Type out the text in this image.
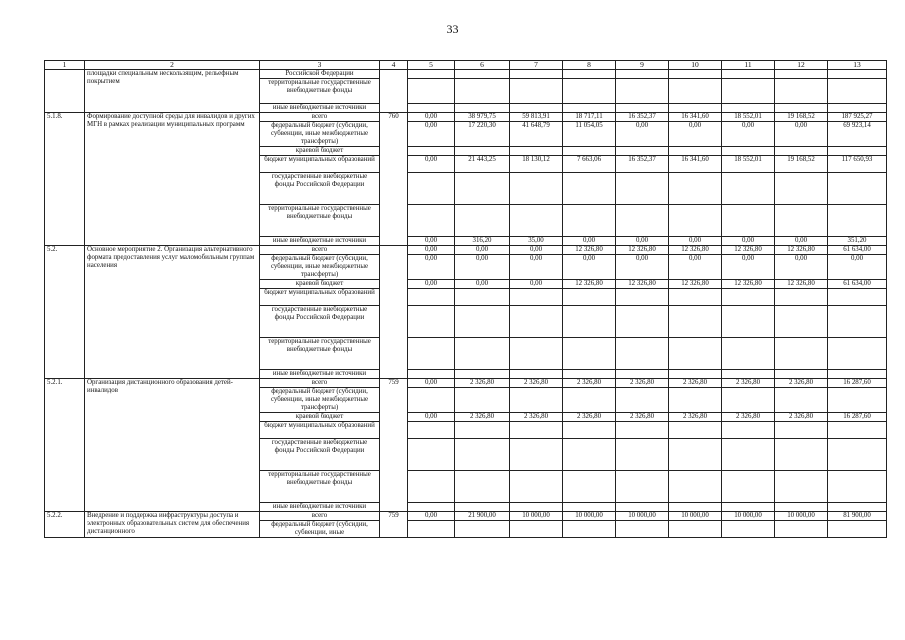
33
1	2	3	4	5	6	7	8	9	10	11	12	13
	площадки специальным нескользящим, рельефным покрытием	Российской Федерации										
		территориальные государственные внебюджетные фонды										
		иные внебюджетные источники										
5.1.8.	Формирование доступной среды для инвалидов и других МГН в рамках реализации муниципальных программ	всего	760	0,00	38 979,75	59 813,91	18 717,11	16 352,37	16 341,60	18 552,01	19 168,52	187 925,27
		федеральный бюджет (субсидии, субвенции, иные межбюджетные трансферты)		0,00	17 220,30	41 648,79	11 054,05	0,00	0,00	0,00	0,00	69 923,14
		краевой бюджет										
		бюджет муниципальных образований		0,00	21 443,25	18 130,12	7 663,06	16 352,37	16 341,60	18 552,01	19 168,52	117 650,93
		государственные внебюджетные фонды Российской Федерации										
		территориальные государственные внебюджетные фонды										
		иные внебюджетные источники		0,00	316,20	35,00	0,00	0,00	0,00	0,00	0,00	351,20
5.2.	Основное мероприятие 2. Организация альтернативного формата предоставления услуг маломобильным группам населения	всего		0,00	0,00	0,00	12 326,80	12 326,80	12 326,80	12 326,80	12 326,80	61 634,00
		федеральный бюджет (субсидии, субвенции, иные межбюджетные трансферты)		0,00	0,00	0,00	0,00	0,00	0,00	0,00	0,00	0,00
		краевой бюджет		0,00	0,00	0,00	12 326,80	12 326,80	12 326,80	12 326,80	12 326,80	61 634,00
		бюджет муниципальных образований										
		государственные внебюджетные фонды Российской Федерации										
		территориальные государственные внебюджетные фонды										
		иные внебюджетные источники										
5.2.1.	Организация дистанционного образования детей-инвалидов	всего	759	0,00	2 326,80	2 326,80	2 326,80	2 326,80	2 326,80	2 326,80	2 326,80	16 287,60
		федеральный бюджет (субсидии, субвенции, иные межбюджетные трансферты)										
		краевой бюджет		0,00	2 326,80	2 326,80	2 326,80	2 326,80	2 326,80	2 326,80	2 326,80	16 287,60
		бюджет муниципальных образований										
		государственные внебюджетные фонды Российской Федерации										
		территориальные государственные внебюджетные фонды										
		иные внебюджетные источники										
5.2.2.	Внедрение и поддержка инфраструктуры доступа и электронных образовательных систем для обеспечения дистанционного	всего	759	0,00	21 900,00	10 000,00	10 000,00	10 000,00	10 000,00	10 000,00	10 000,00	81 900,00
		федеральный бюджет (субсидии, субвенции, иные										
